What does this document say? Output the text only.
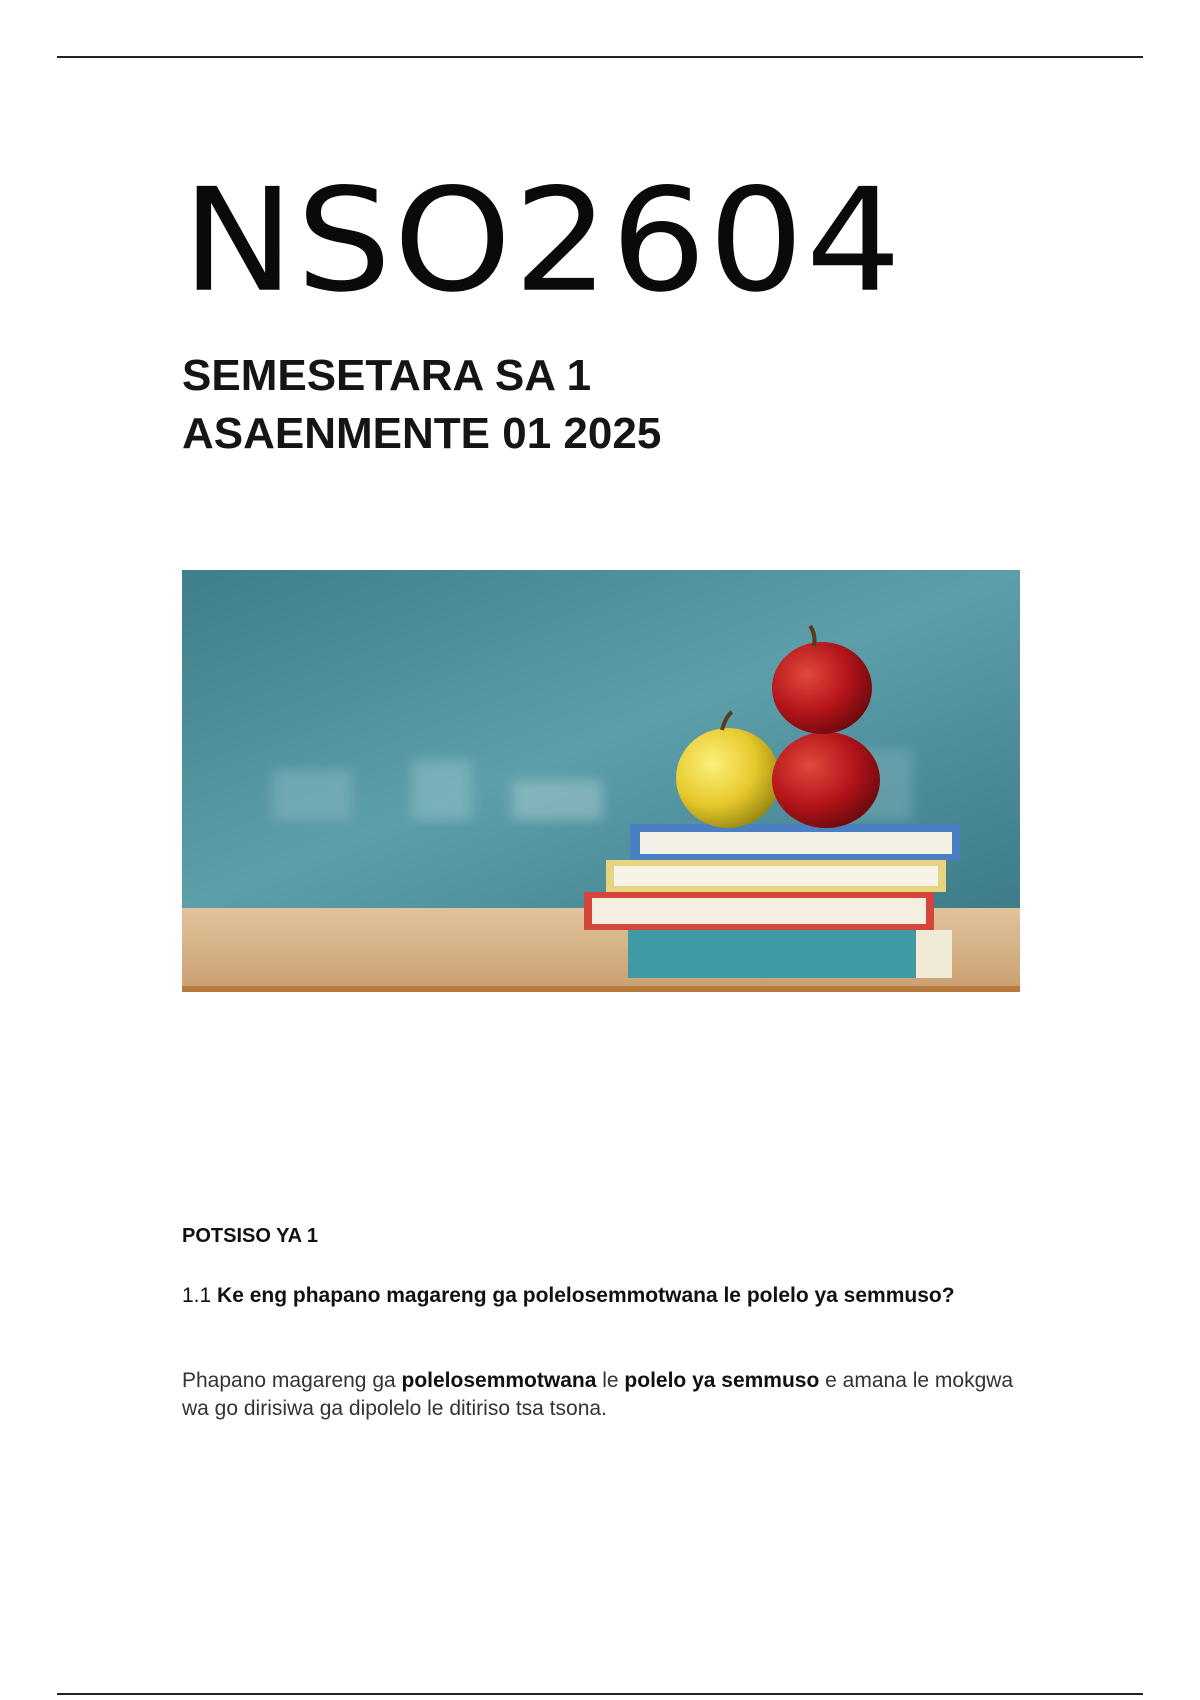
NSO2604
SEMESETARA SA 1
ASAENMENTE 01 2025
POTSISO YA 1
1.1 Ke eng phapano magareng ga polelosemmotwana le polelo ya semmuso?
Phapano magareng ga polelosemmotwana le polelo ya semmuso e amana le mokgwa wa go dirisiwa ga dipolelo le ditiriso tsa tsona.
